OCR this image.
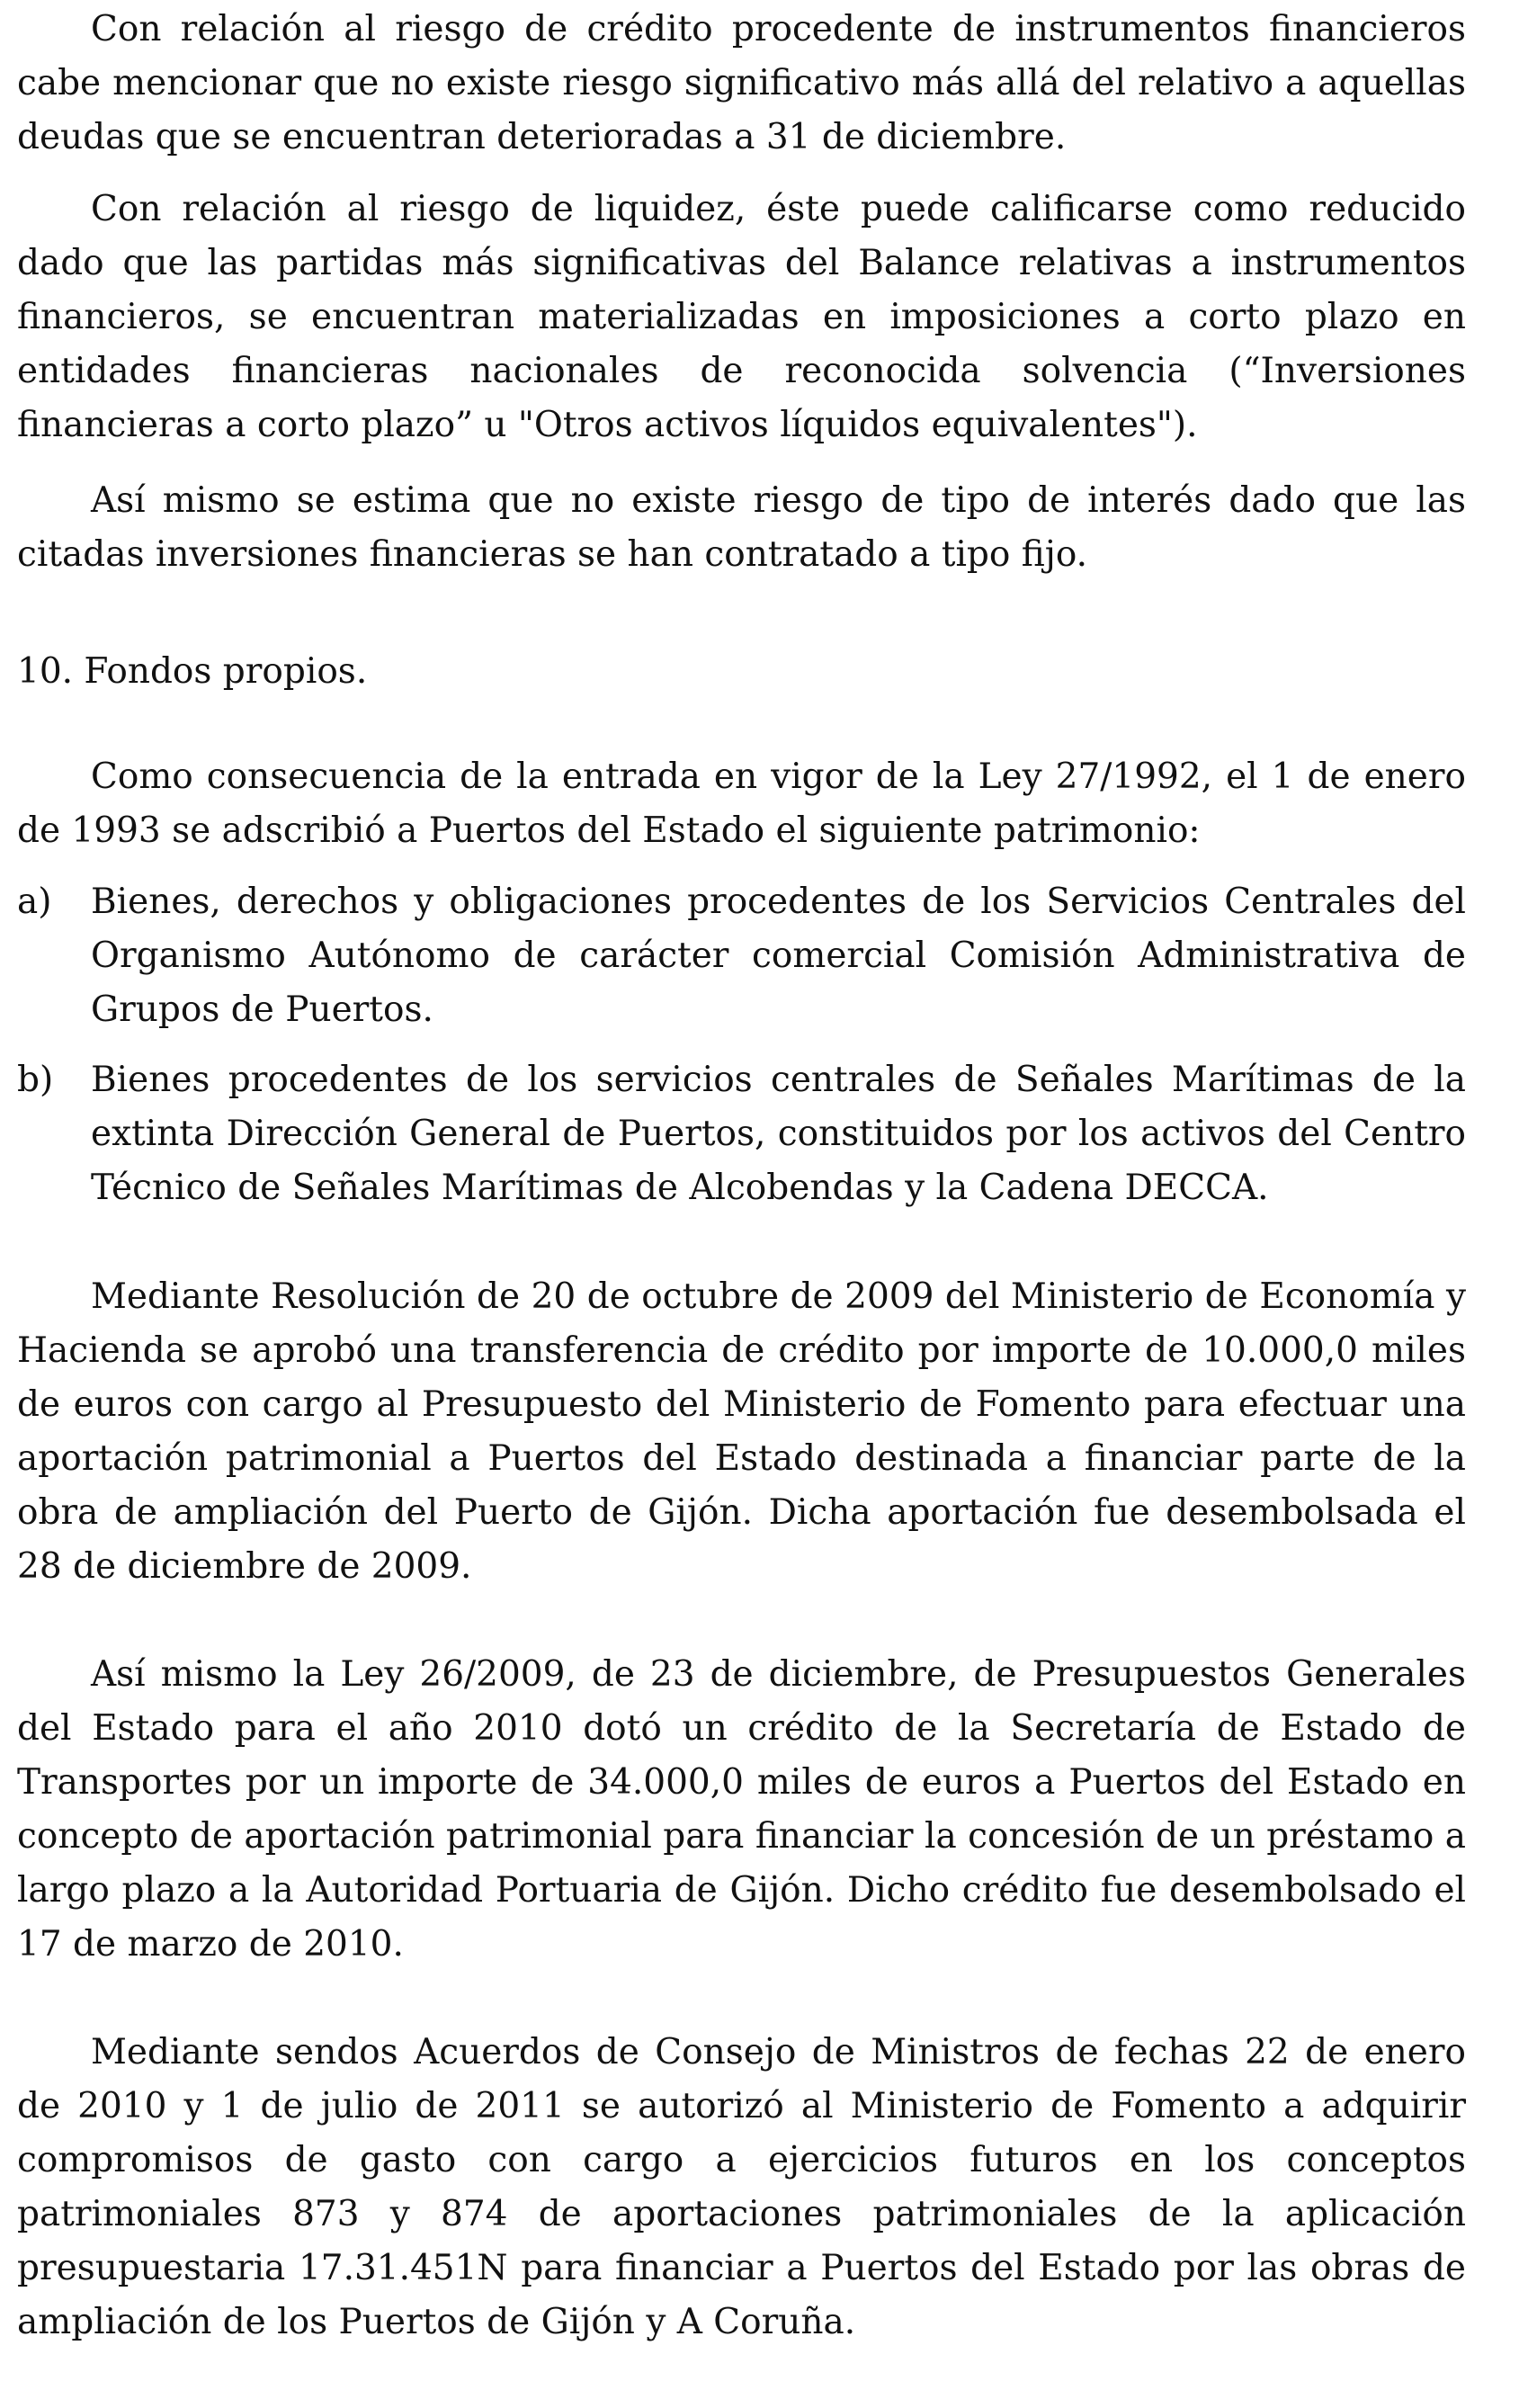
Con relación al riesgo de crédito procedente de instrumentos financieros cabe mencionar que no existe riesgo significativo más allá del relativo a aquellas deudas que se encuentran deterioradas a 31 de diciembre.

Con relación al riesgo de liquidez, éste puede calificarse como reducido dado que las partidas más significativas del Balance relativas a instrumentos financieros, se encuentran materializadas en imposiciones a corto plazo en entidades financieras nacionales de reconocida solvencia (“Inversiones financieras a corto plazo” u "Otros activos líquidos equivalentes").

Así mismo se estima que no existe riesgo de tipo de interés dado que las citadas inversiones financieras se han contratado a tipo fijo.

10. Fondos propios.

Como consecuencia de la entrada en vigor de la Ley 27/1992, el 1 de enero de 1993 se adscribió a Puertos del Estado el siguiente patrimonio:

a)	Bienes, derechos y obligaciones procedentes de los Servicios Centrales del Organismo Autónomo de carácter comercial Comisión Administrativa de Grupos de Puertos.
b)	Bienes procedentes de los servicios centrales de Señales Marítimas de la extinta Dirección General de Puertos, constituidos por los activos del Centro Técnico de Señales Marítimas de Alcobendas y la Cadena DECCA.

Mediante Resolución de 20 de octubre de 2009 del Ministerio de Economía y Hacienda se aprobó una transferencia de crédito por importe de 10.000,0 miles de euros con cargo al Presupuesto del Ministerio de Fomento para efectuar una aportación patrimonial a Puertos del Estado destinada a financiar parte de la obra de ampliación del Puerto de Gijón. Dicha aportación fue desembolsada el 28 de diciembre de 2009.

Así mismo la Ley 26/2009, de 23 de diciembre, de Presupuestos Generales del Estado para el año 2010 dotó un crédito de la Secretaría de Estado de Transportes por un importe de 34.000,0 miles de euros a Puertos del Estado en concepto de aportación patrimonial para financiar la concesión de un préstamo a largo plazo a la Autoridad Portuaria de Gijón. Dicho crédito fue desembolsado el 17 de marzo de 2010.

Mediante sendos Acuerdos de Consejo de Ministros de fechas 22 de enero de 2010 y 1 de julio de 2011 se autorizó al Ministerio de Fomento a adquirir compromisos de gasto con cargo a ejercicios futuros en los conceptos patrimoniales 873 y 874 de aportaciones patrimoniales de la aplicación presupuestaria 17.31.451N para financiar a Puertos del Estado por las obras de ampliación de los Puertos de Gijón y A Coruña.
